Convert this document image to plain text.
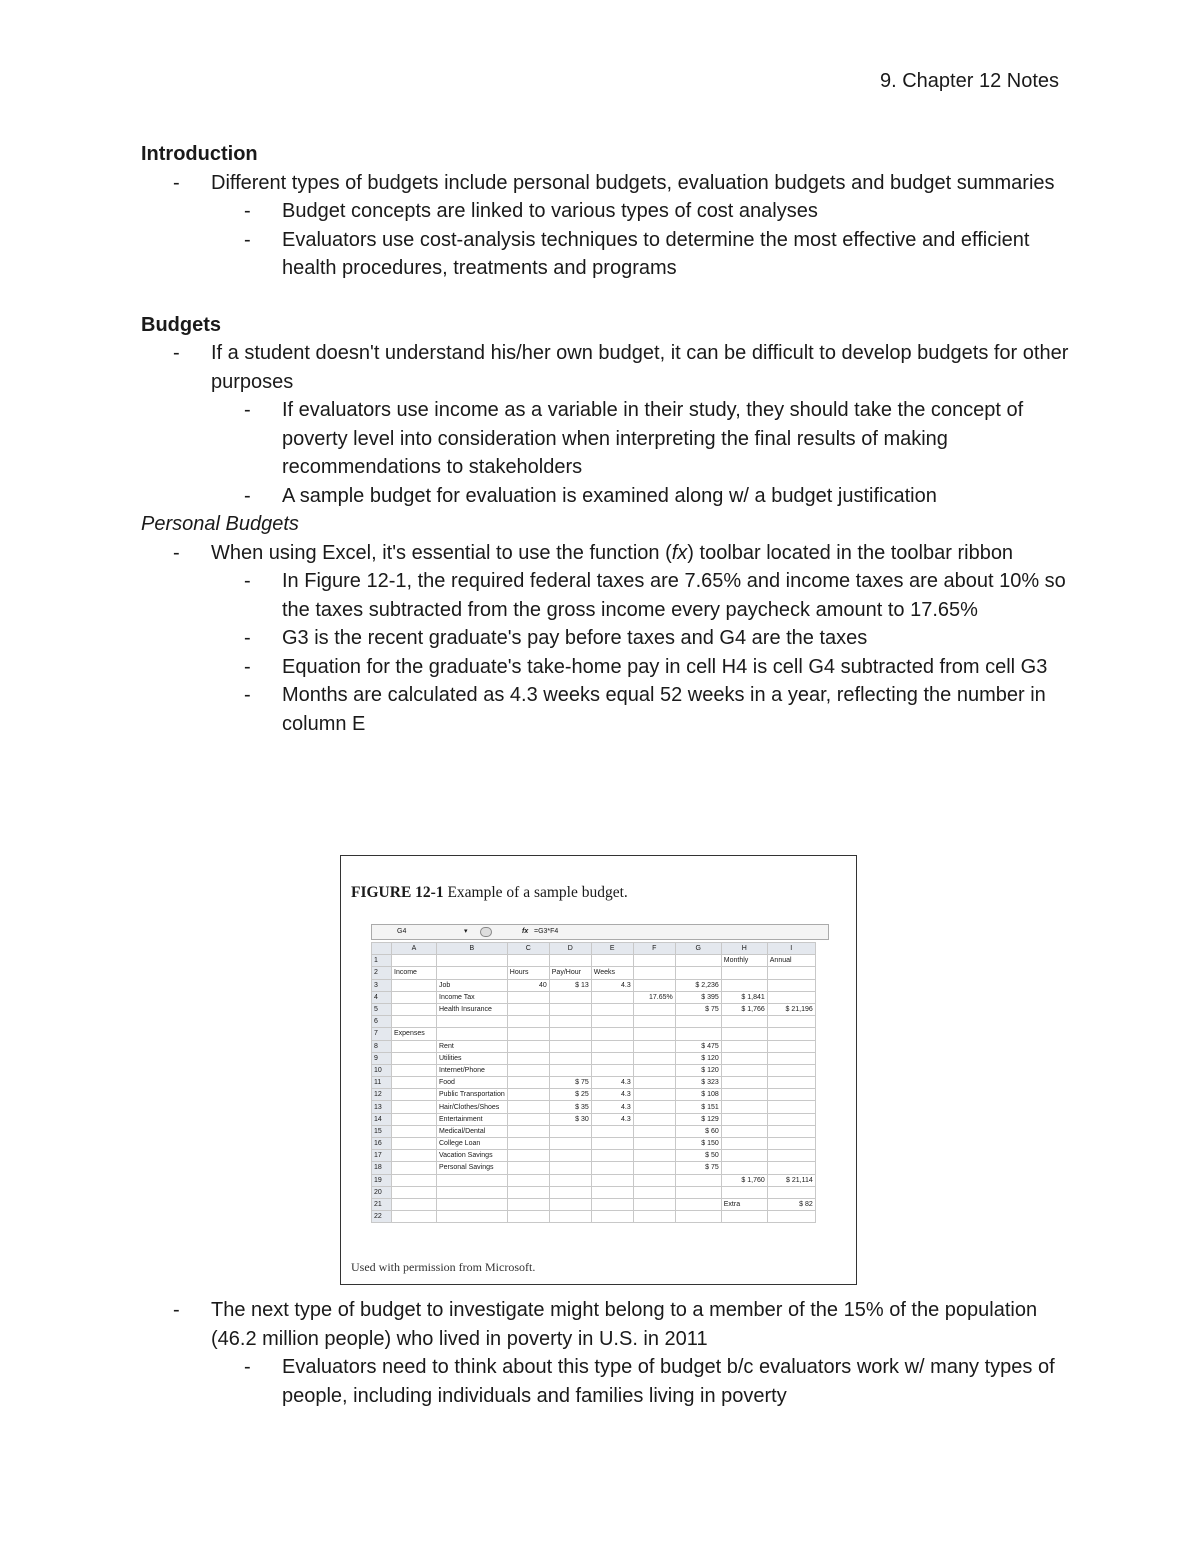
9. Chapter 12 Notes

Introduction

- Different types of budgets include personal budgets, evaluation budgets and budget summaries
- Budget concepts are linked to various types of cost analyses
- Evaluators use cost-analysis techniques to determine the most effective and efficient health procedures, treatments and programs

Budgets

- If a student doesn't understand his/her own budget, it can be difficult to develop budgets for other purposes
- If evaluators use income as a variable in their study, they should take the concept of poverty level into consideration when interpreting the final results of making recommendations to stakeholders
- A sample budget for evaluation is examined along w/ a budget justification

Personal Budgets

- When using Excel, it's essential to use the function (fx) toolbar located in the toolbar ribbon
- In Figure 12-1, the required federal taxes are 7.65% and income taxes are about 10% so the taxes subtracted from the gross income every paycheck amount to 17.65%
- G3 is the recent graduate's pay before taxes and G4 are the taxes
- Equation for the graduate's take-home pay in cell H4 is cell G4 subtracted from cell G3
- Months are calculated as 4.3 weeks equal 52 weeks in a year, reflecting the number in column E
FIGURE 12-1 Example of a sample budget.
G4	▾	fx =G3*F4
	A	B	C	D	E	F	G	H	I
1								Monthly	Annual
2	Income		Hours	Pay/Hour	Weeks				
3		Job	40	$ 13	4.3		$ 2,236		
4		Income Tax				17.65%	$ 395	$ 1,841	
5		Health Insurance					$ 75	$ 1,766	$ 21,196
6									
7	Expenses								
8		Rent					$ 475		
9		Utilities					$ 120		
10		Internet/Phone					$ 120		
11		Food		$ 75	4.3		$ 323		
12		Public Transportation		$ 25	4.3		$ 108		
13		Hair/Clothes/Shoes		$ 35	4.3		$ 151		
14		Entertainment		$ 30	4.3		$ 129		
15		Medical/Dental					$ 60		
16		College Loan					$ 150		
17		Vacation Savings					$ 50		
18		Personal Savings					$ 75		
19								$ 1,760	$ 21,114
20									
21								Extra	$ 82
22									
Used with permission from Microsoft.
- The next type of budget to investigate might belong to a member of the 15% of the population (46.2 million people) who lived in poverty in U.S. in 2011
- Evaluators need to think about this type of budget b/c evaluators work w/ many types of people, including individuals and families living in poverty
